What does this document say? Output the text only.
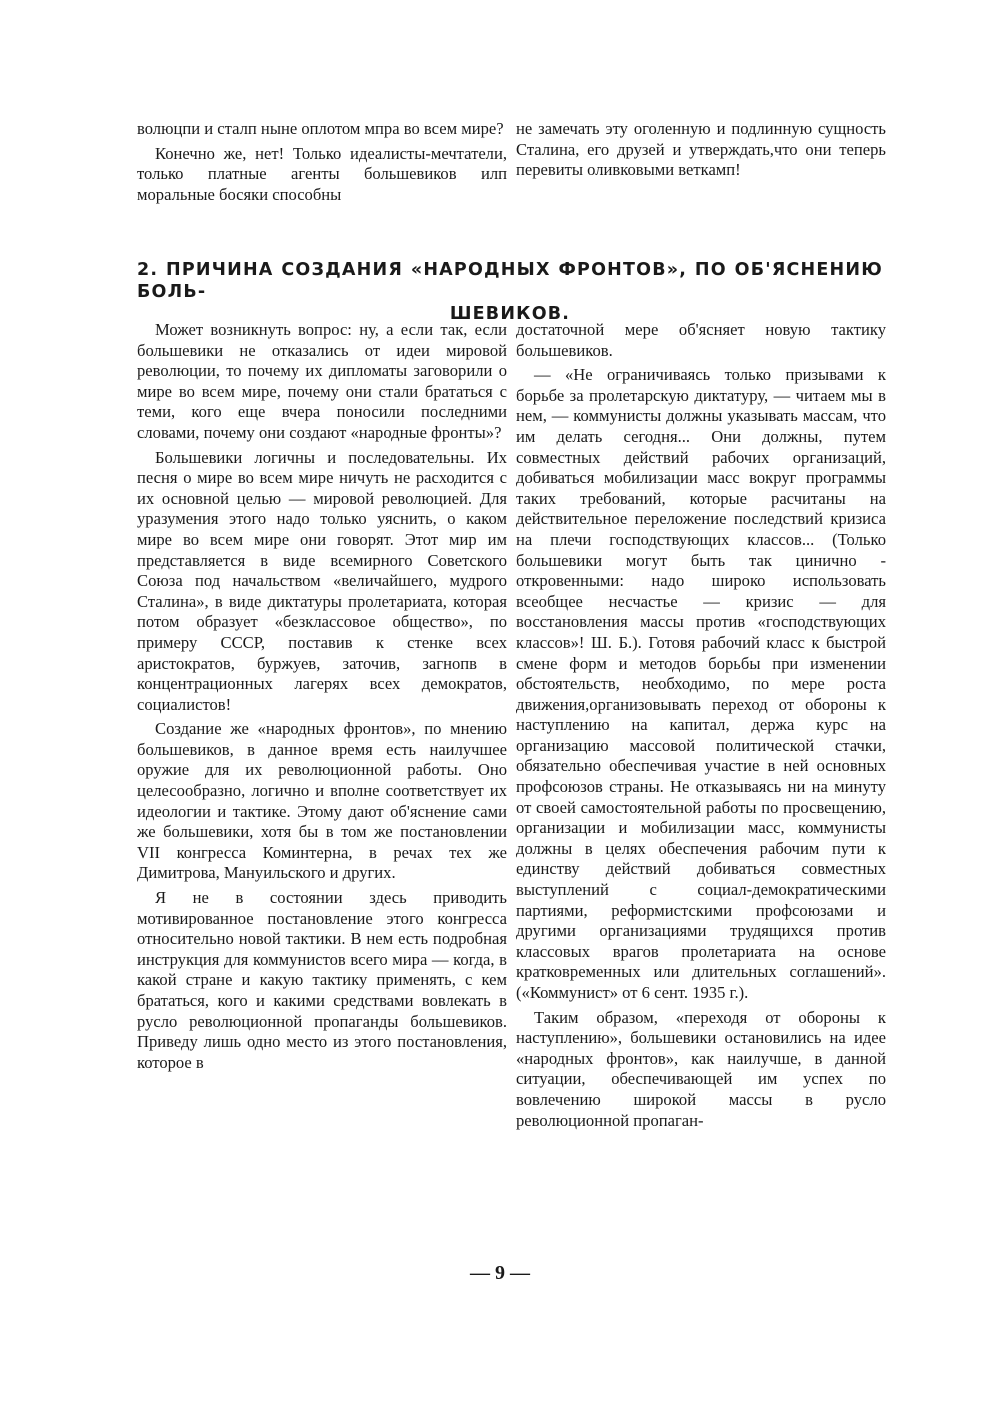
волюцпи и сталп ныне оплотом мпра во всем мире?

Конечно же, нет! Только идеалисты-мечтатели, только платные агенты большевиков илп моральные босяки способны

не замечать эту оголенную и подлинную сущность Сталина, его друзей и утверждать,что они теперь перевиты оливковыми веткамп!

2. ПРИЧИНА СОЗДАНИЯ «НАРОДНЫХ ФРОНТОВ», ПО ОБ'ЯСНЕНИЮ БОЛЬ-
ШЕВИКОВ.

Может возникнуть вопрос: ну, а если так, если большевики не отказались от идеи мировой революции, то почему их дипломаты заговорили о мире во всем мире, почему они стали брататься с теми, кого еще вчера поносили последними словами, почему они создают «народные фронты»?

Большевики логичны и последовательны. Их песня о мире во всем мире ничуть не расходится с их основной целью — мировой революцией. Для уразумения этого надо только уяснить, о каком мире во всем мире они говорят. Этот мир им представляется в виде всемирного Советского Союза под начальством «величайшего, мудрого Сталина», в виде диктатуры пролетариата, которая потом образует «безклассовое общество», по примеру СССР, поставив к стенке всех аристократов, буржуев, заточив, загнопв в концентрационных лагерях всех демократов, социалистов!

Создание же «народных фронтов», по мнению большевиков, в данное время есть наилучшее оружие для их революционной работы. Оно целесообразно, логично и вполне соответствует их идеологии и тактике. Этому дают об'яснение сами же большевики, хотя бы в том же постановлении VII конгресса Коминтерна, в речах тех же Димитрова, Мануильского и других.

Я не в состоянии здесь приводить мотивированное постановление этого конгресса относительно новой тактики. В нем есть подробная инструкция для коммунистов всего мира — когда, в какой стране и какую тактику применять, с кем брататься, кого и какими средствами вовлекать в русло революционной пропаганды большевиков. Приведу лишь одно место из этого постановления, которое в

достаточной мере об'ясняет новую тактику большевиков.

— «Не ограничиваясь только призывами к борьбе за пролетарскую диктатуру, — читаем мы в нем, — коммунисты должны указывать массам, что им делать сегодня... Они должны, путем совместных действий рабочих организаций, добиваться мобилизации масс вокруг программы таких требований, которые расчитаны на действительное переложение последствий кризиса на плечи господствующих классов... (Только большевики могут быть так цинично - откровенными: надо широко использовать всеобщее несчастье — кризис — для восстановления массы против «господствующих классов»! Ш. Б.). Готовя рабочий класс к быстрой смене форм и методов борьбы при изменении обстоятельств, необходимо, по мере роста движения,организовывать переход от обороны к наступлению на капитал, держа курс на организацию массовой политической стачки, обязательно обеспечивая участие в ней основных профсоюзов страны. Не отказываясь ни на минуту от своей самостоятельной работы по просвещению, организации и мобилизации масс, коммунисты должны в целях обеспечения рабочим пути к единству действий добиваться совместных выступлений с социал-демократическими партиями, реформистскими профсоюзами и другими организациями трудящихся против классовых врагов пролетариата на основе кратковременных или длительных соглашений». («Коммунист» от 6 сент. 1935 г.).

Таким образом, «переходя от обороны к наступлению», большевики остановились на идее «народных фронтов», как наилучше, в данной ситуации, обеспечивающей им успех по вовлечению широкой массы в русло революционной пропаган-

— 9 —
